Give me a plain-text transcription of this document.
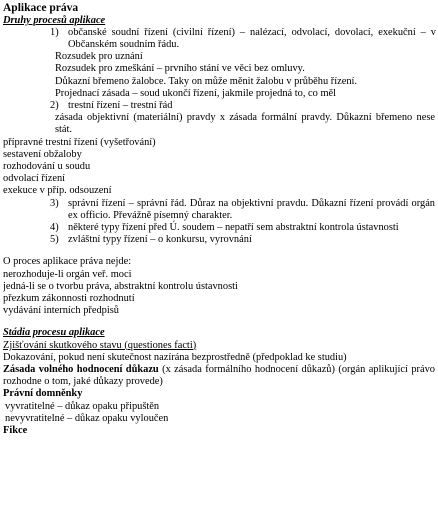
Aplikace práva
Druhy procesů aplikace
1) občanské soudní řízení (civilní řízení) – nalézací, odvolací, dovolací, exekuční – v Občanském soudním řádu.
Rozsudek pro uznání
Rozsudek pro zmeškání – prvního stání ve věci bez omluvy.
Důkazní břemeno žalobce. Taky on může měnit žalobu v průběhu řízení.
Projednací zásada – soud ukončí řízení, jakmile projedná to, co měl
2) trestní řízení – trestní řád
zásada objektivní (materiální) pravdy x zásada formální pravdy. Důkazní břemeno nese stát.
přípravné trestní řízení (vyšetřování)
sestavení obžaloby
rozhodování u soudu
odvolací řízení
exekuce v příp. odsouzení
3) správní řízení – správní řád. Důraz na objektivní pravdu. Důkazní řízení provádí orgán ex officio. Převážně písemný charakter.
4) některé typy řízení před Ú. soudem – nepatří sem abstraktní kontrola ústavnosti
5) zvláštní typy řízení – o konkursu, vyrovnání
O proces aplikace práva nejde:
nerozhoduje-li orgán veř. moci
jedná-li se o tvorbu práva, abstraktní kontrolu ústavnosti
přezkum zákonnosti rozhodnutí
vydávání interních předpisů
Stádia procesu aplikace
Zjišťování skutkového stavu (questiones facti)
Dokazování, pokud není skutečnost nazírána bezprostředně (předpoklad ke studiu)
Zásada volného hodnocení důkazu (x zásada formálního hodnocení důkazů) (orgán aplikující právo rozhodne o tom, jaké důkazy provede)
Právní domněnky
vyvratitelné – důkaz opaku připuštěn
nevyvratitelné – důkaz opaku vyloučen
Fikce
